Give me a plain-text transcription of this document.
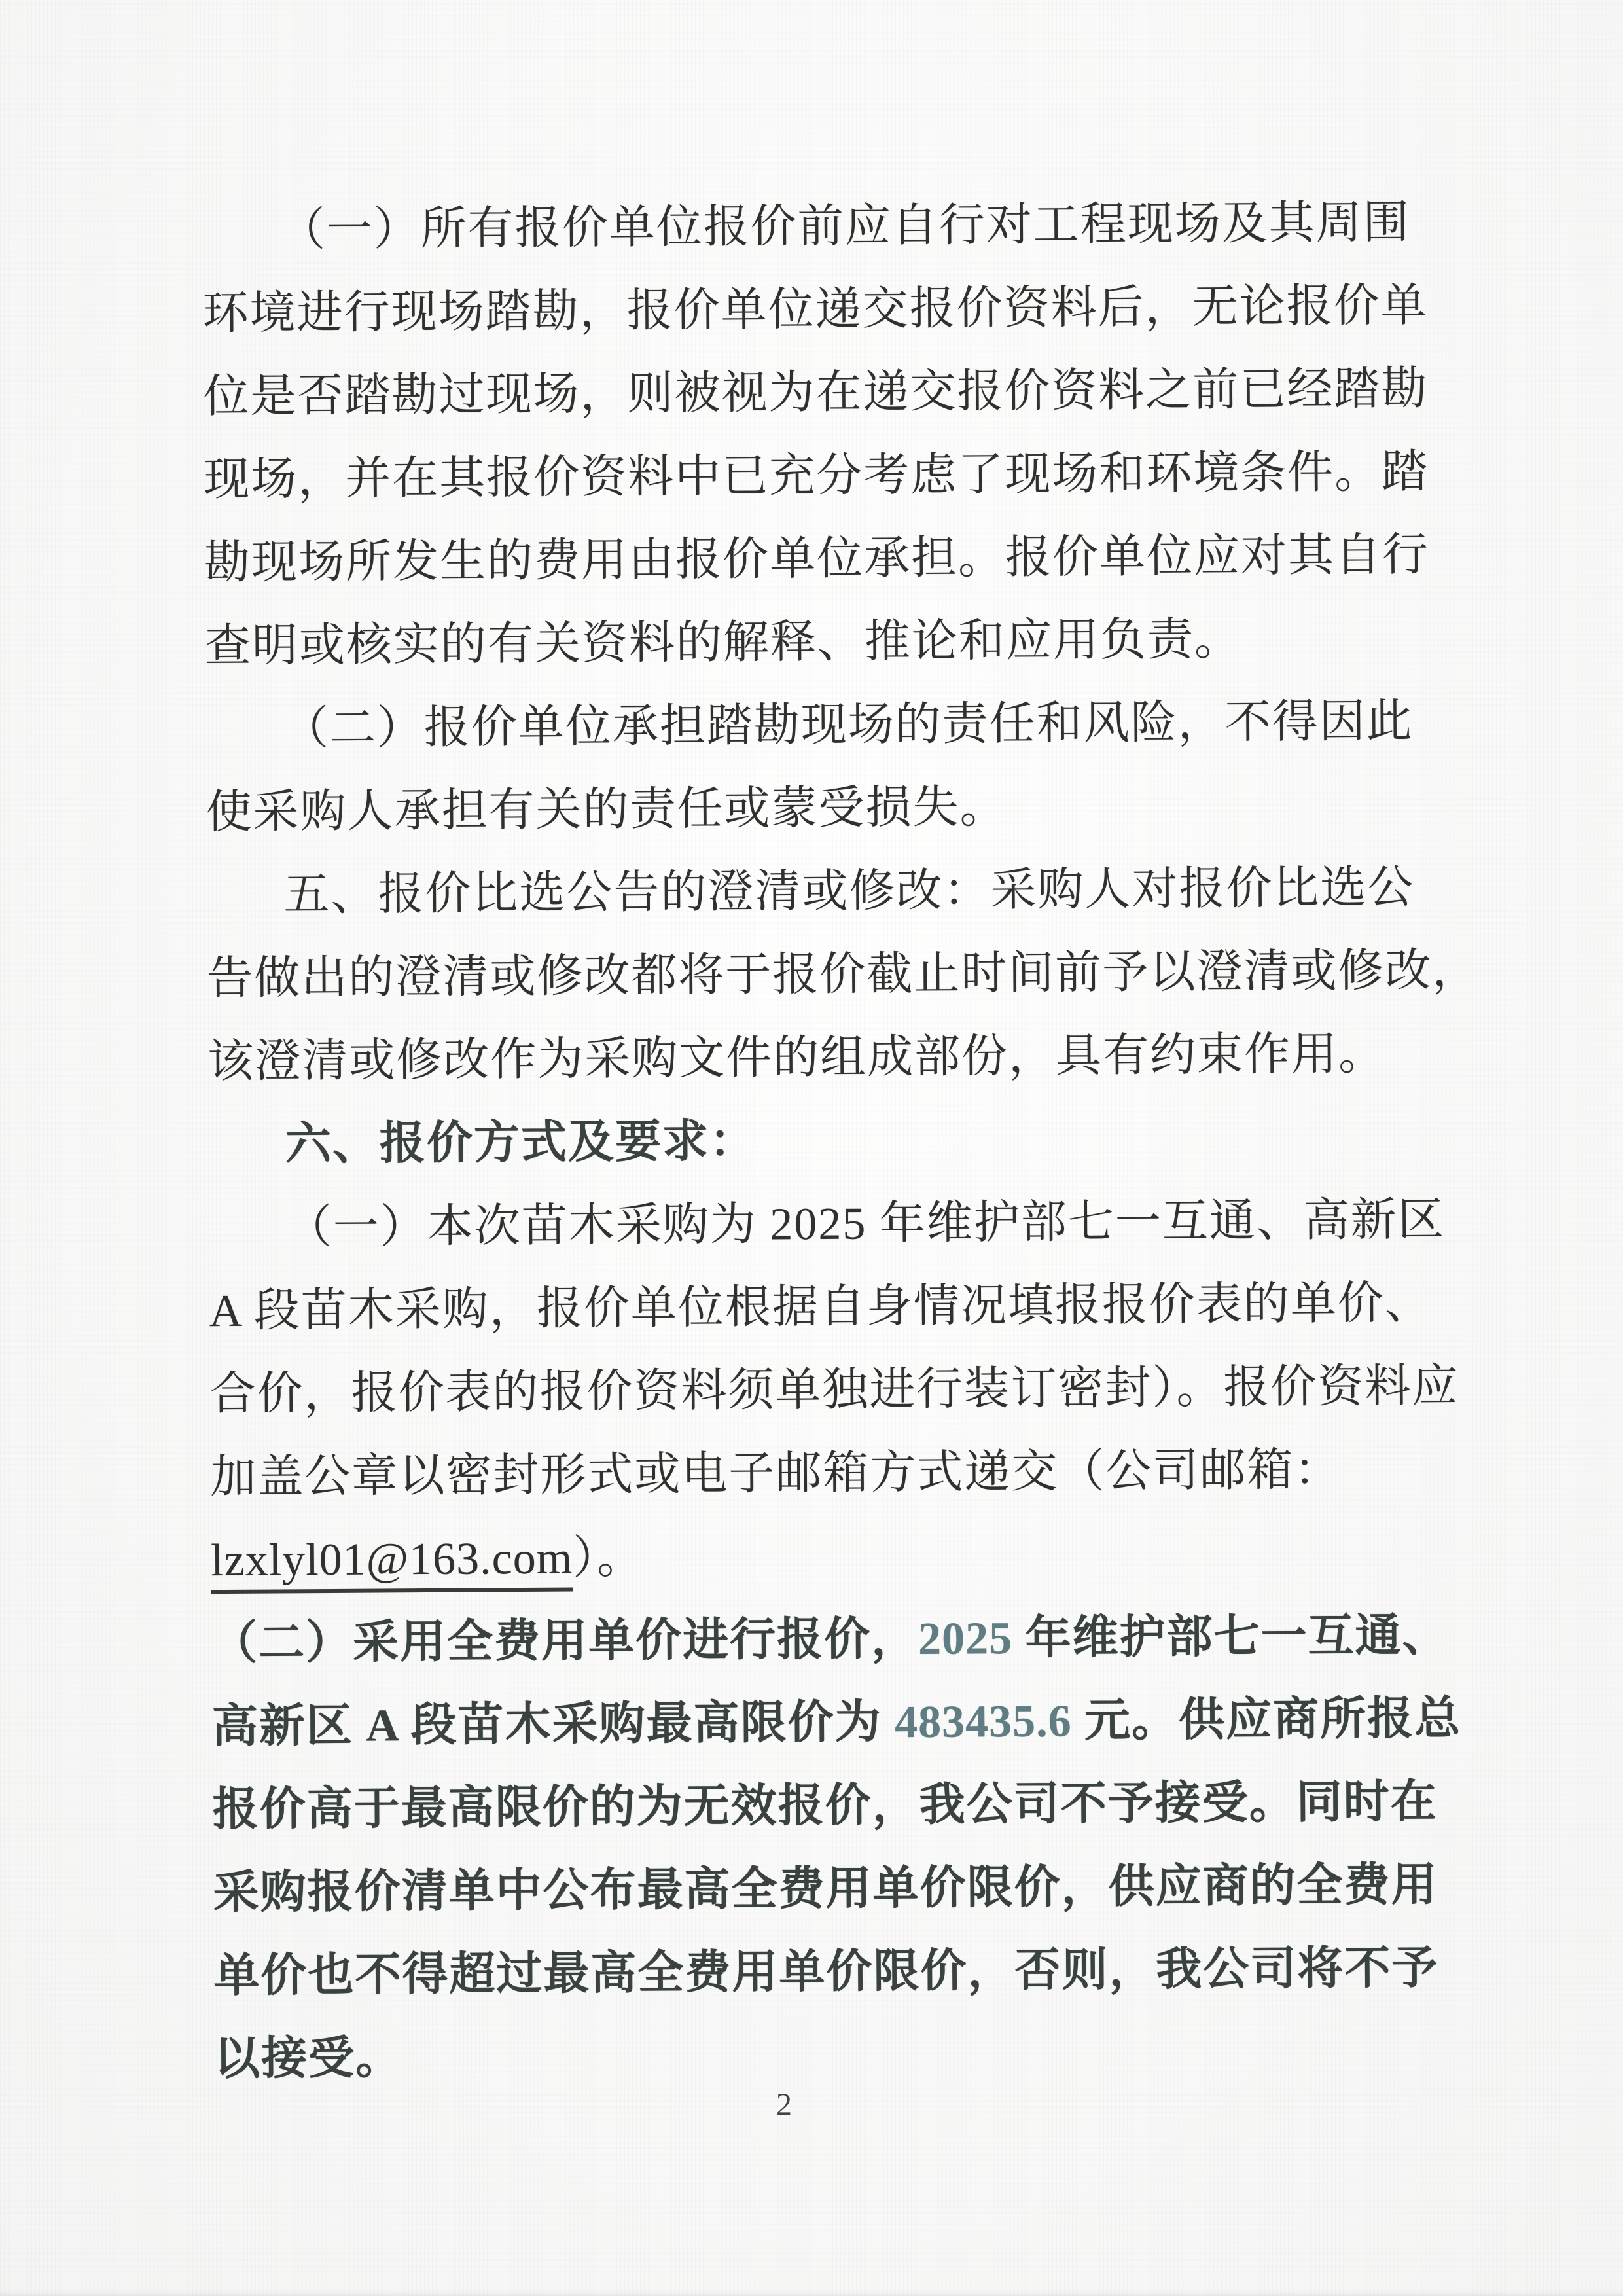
（一）所有报价单位报价前应自行对工程现场及其周围
环境进行现场踏勘，报价单位递交报价资料后，无论报价单
位是否踏勘过现场，则被视为在递交报价资料之前已经踏勘
现场，并在其报价资料中已充分考虑了现场和环境条件。踏
勘现场所发生的费用由报价单位承担。报价单位应对其自行
查明或核实的有关资料的解释、推论和应用负责。
（二）报价单位承担踏勘现场的责任和风险，不得因此
使采购人承担有关的责任或蒙受损失。
五、报价比选公告的澄清或修改：采购人对报价比选公
告做出的澄清或修改都将于报价截止时间前予以澄清或修改，
该澄清或修改作为采购文件的组成部份，具有约束作用。
六、报价方式及要求：
（一）本次苗木采购为 2025 年维护部七一互通、高新区
A 段苗木采购，报价单位根据自身情况填报报价表的单价、
合价，报价表的报价资料须单独进行装订密封）。报价资料应
加盖公章以密封形式或电子邮箱方式递交（公司邮箱：
lzxlyl01@163.com）。
（二）采用全费用单价进行报价，2025 年维护部七一互通、
高新区 A 段苗木采购最高限价为 483435.6 元。供应商所报总
报价高于最高限价的为无效报价，我公司不予接受。同时在
采购报价清单中公布最高全费用单价限价，供应商的全费用
单价也不得超过最高全费用单价限价，否则，我公司将不予
以接受。
2
